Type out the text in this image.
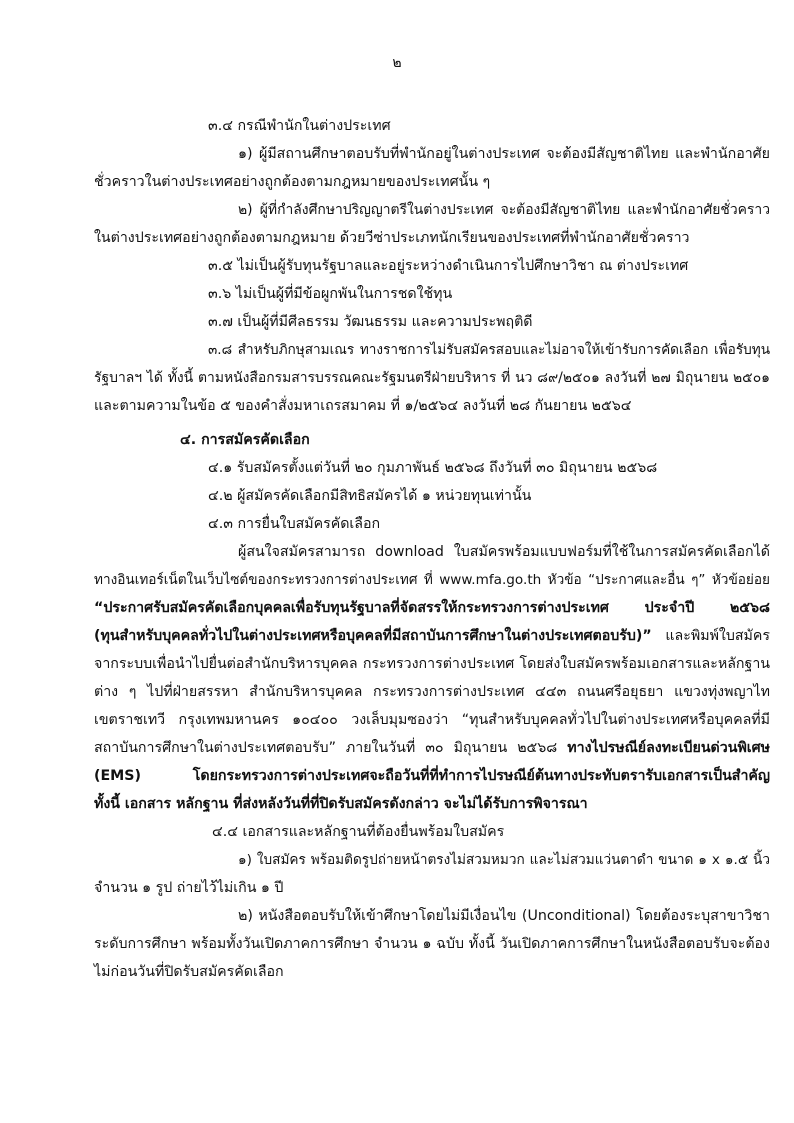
๒
๓.๔ กรณีพำนักในต่างประเทศ
๑) ผู้มีสถานศึกษาตอบรับที่พำนักอยู่ในต่างประเทศ จะต้องมีสัญชาติไทย และพำนักอาศัย
ชั่วคราวในต่างประเทศอย่างถูกต้องตามกฎหมายของประเทศนั้น ๆ
๒) ผู้ที่กำลังศึกษาปริญญาตรีในต่างประเทศ จะต้องมีสัญชาติไทย และพำนักอาศัยชั่วคราว
ในต่างประเทศอย่างถูกต้องตามกฎหมาย ด้วยวีซ่าประเภทนักเรียนของประเทศที่พำนักอาศัยชั่วคราว
๓.๕ ไม่เป็นผู้รับทุนรัฐบาลและอยู่ระหว่างดำเนินการไปศึกษาวิชา ณ ต่างประเทศ
๓.๖ ไม่เป็นผู้ที่มีข้อผูกพันในการชดใช้ทุน
๓.๗ เป็นผู้ที่มีศีลธรรม วัฒนธรรม และความประพฤติดี
๓.๘ สำหรับภิกษุสามเณร ทางราชการไม่รับสมัครสอบและไม่อาจให้เข้ารับการคัดเลือก เพื่อรับทุน
รัฐบาลฯ ได้ ทั้งนี้ ตามหนังสือกรมสารบรรณคณะรัฐมนตรีฝ่ายบริหาร ที่ นว ๘๙/๒๕๐๑ ลงวันที่ ๒๗ มิถุนายน ๒๕๐๑
และตามความในข้อ ๕ ของคำสั่งมหาเถรสมาคม ที่ ๑/๒๕๖๔ ลงวันที่ ๒๘ กันยายน ๒๕๖๔
๔. การสมัครคัดเลือก
๔.๑ รับสมัครตั้งแต่วันที่ ๒๐ กุมภาพันธ์ ๒๕๖๘ ถึงวันที่ ๓๐ มิถุนายน ๒๕๖๘
๔.๒ ผู้สมัครคัดเลือกมีสิทธิสมัครได้ ๑ หน่วยทุนเท่านั้น
๔.๓ การยื่นใบสมัครคัดเลือก
ผู้สนใจสมัครสามารถ download ใบสมัครพร้อมแบบฟอร์มที่ใช้ในการสมัครคัดเลือกได้
ทางอินเทอร์เน็ตในเว็บไซต์ของกระทรวงการต่างประเทศ ที่ www.mfa.go.th หัวข้อ “ประกาศและอื่น ๆ” หัวข้อย่อย
“ประกาศรับสมัครคัดเลือกบุคคลเพื่อรับทุนรัฐบาลที่จัดสรรให้กระทรวงการต่างประเทศ ประจำปี ๒๕๖๘
(ทุนสำหรับบุคคลทั่วไปในต่างประเทศหรือบุคคลที่มีสถาบันการศึกษาในต่างประเทศตอบรับ)” และพิมพ์ใบสมัคร
จากระบบเพื่อนำไปยื่นต่อสำนักบริหารบุคคล กระทรวงการต่างประเทศ โดยส่งใบสมัครพร้อมเอกสารและหลักฐาน
ต่าง ๆ ไปที่ฝ่ายสรรหา สำนักบริหารบุคคล กระทรวงการต่างประเทศ ๔๔๓ ถนนศรีอยุธยา แขวงทุ่งพญาไท
เขตราชเทวี กรุงเทพมหานคร ๑๐๔๐๐ วงเล็บมุมซองว่า “ทุนสำหรับบุคคลทั่วไปในต่างประเทศหรือบุคคลที่มี
สถาบันการศึกษาในต่างประเทศตอบรับ” ภายในวันที่ ๓๐ มิถุนายน ๒๕๖๘ ทางไปรษณีย์ลงทะเบียนด่วนพิเศษ
(EMS) โดยกระทรวงการต่างประเทศจะถือวันที่ที่ทำการไปรษณีย์ต้นทางประทับตรารับเอกสารเป็นสำคัญ
ทั้งนี้ เอกสาร หลักฐาน ที่ส่งหลังวันที่ที่ปิดรับสมัครดังกล่าว จะไม่ได้รับการพิจารณา
๔.๔ เอกสารและหลักฐานที่ต้องยื่นพร้อมใบสมัคร
๑) ใบสมัคร พร้อมติดรูปถ่ายหน้าตรงไม่สวมหมวก และไม่สวมแว่นตาดำ ขนาด ๑ x ๑.๕ นิ้ว
จำนวน ๑ รูป ถ่ายไว้ไม่เกิน ๑ ปี
๒) หนังสือตอบรับให้เข้าศึกษาโดยไม่มีเงื่อนไข (Unconditional) โดยต้องระบุสาขาวิชา
ระดับการศึกษา พร้อมทั้งวันเปิดภาคการศึกษา จำนวน ๑ ฉบับ ทั้งนี้ วันเปิดภาคการศึกษาในหนังสือตอบรับจะต้อง
ไม่ก่อนวันที่ปิดรับสมัครคัดเลือก
